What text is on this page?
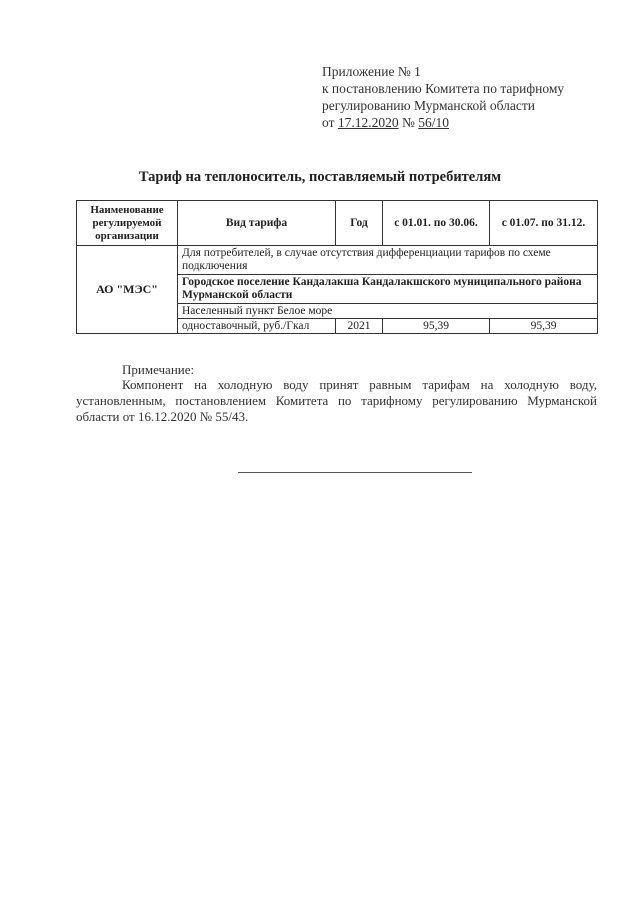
Приложение № 1
к постановлению Комитета по тарифному
регулированию Мурманской области
от 17.12.2020 № 56/10
Тариф на теплоноситель, поставляемый потребителям
Наименование регулируемой организации	Вид тарифа	Год	с 01.01. по 30.06.	с 01.07. по 31.12.
АО "МЭС"	Для потребителей, в случае отсутствия дифференциации тарифов по схеме подключения			
	Городское поселение Кандалакша Кандалакшского муниципального района Мурманской области			
	Населенный пункт Белое море			
	одноставочный, руб./Гкал	2021	95,39	95,39
Примечание:
Компонент на холодную воду принят равным тарифам на холодную воду, установленным, постановлением Комитета по тарифному регулированию Мурманской области от 16.12.2020 № 55/43.
